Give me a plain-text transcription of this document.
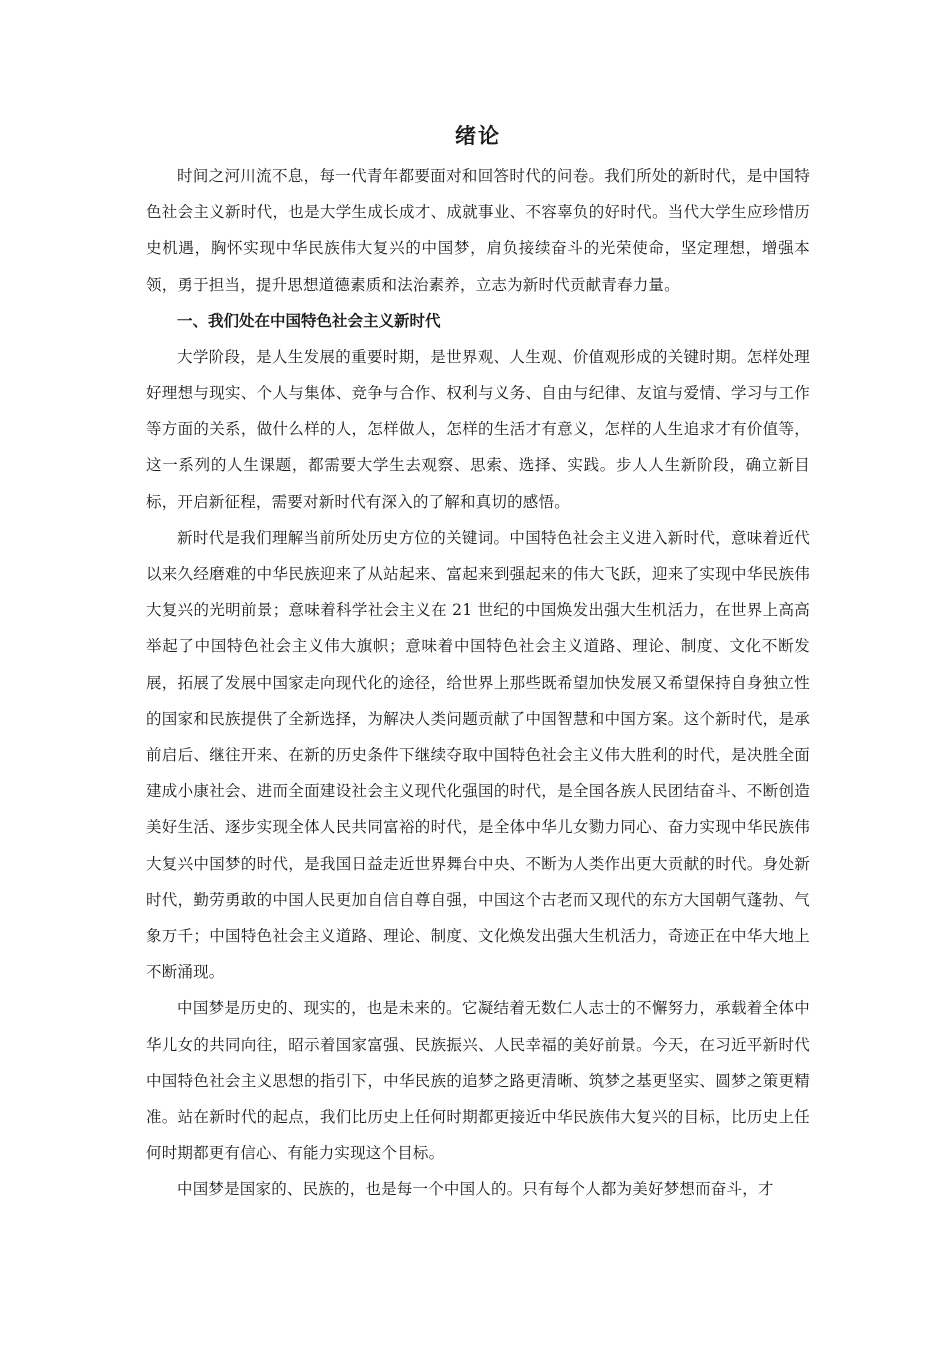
绪论

时间之河川流不息，每一代青年都要面对和回答时代的问卷。我们所处的新时代，是中国特色社会主义新时代，也是大学生成长成才、成就事业、不容辜负的好时代。当代大学生应珍惜历史机遇，胸怀实现中华民族伟大复兴的中国梦，肩负接续奋斗的光荣使命，坚定理想，增强本领，勇于担当，提升思想道德素质和法治素养，立志为新时代贡献青春力量。

一、我们处在中国特色社会主义新时代

大学阶段，是人生发展的重要时期，是世界观、人生观、价值观形成的关键时期。怎样处理好理想与现实、个人与集体、竞争与合作、权利与义务、自由与纪律、友谊与爱情、学习与工作等方面的关系，做什么样的人，怎样做人，怎样的生活才有意义，怎样的人生追求才有价值等，这一系列的人生课题，都需要大学生去观察、思索、选择、实践。步人人生新阶段，确立新目标，开启新征程，需要对新时代有深入的了解和真切的感悟。

新时代是我们理解当前所处历史方位的关键词。中国特色社会主义进入新时代，意味着近代以来久经磨难的中华民族迎来了从站起来、富起来到强起来的伟大飞跃，迎来了实现中华民族伟大复兴的光明前景；意味着科学社会主义在 21 世纪的中国焕发出强大生机活力，在世界上高高举起了中国特色社会主义伟大旗帜；意味着中国特色社会主义道路、理论、制度、文化不断发展，拓展了发展中国家走向现代化的途径，给世界上那些既希望加快发展又希望保持自身独立性的国家和民族提供了全新选择，为解决人类问题贡献了中国智慧和中国方案。这个新时代，是承前启后、继往开来、在新的历史条件下继续夺取中国特色社会主义伟大胜利的时代，是决胜全面建成小康社会、进而全面建设社会主义现代化强国的时代，是全国各族人民团结奋斗、不断创造美好生活、逐步实现全体人民共同富裕的时代，是全体中华儿女勠力同心、奋力实现中华民族伟大复兴中国梦的时代，是我国日益走近世界舞台中央、不断为人类作出更大贡献的时代。身处新时代，勤劳勇敢的中国人民更加自信自尊自强，中国这个古老而又现代的东方大国朝气蓬勃、气象万千；中国特色社会主义道路、理论、制度、文化焕发出强大生机活力，奇迹正在中华大地上不断涌现。

中国梦是历史的、现实的，也是未来的。它凝结着无数仁人志士的不懈努力，承载着全体中华儿女的共同向往，昭示着国家富强、民族振兴、人民幸福的美好前景。今天，在习近平新时代中国特色社会主义思想的指引下，中华民族的追梦之路更清晰、筑梦之基更坚实、圆梦之策更精准。站在新时代的起点，我们比历史上任何时期都更接近中华民族伟大复兴的目标，比历史上任何时期都更有信心、有能力实现这个目标。

中国梦是国家的、民族的，也是每一个中国人的。只有每个人都为美好梦想而奋斗，才
